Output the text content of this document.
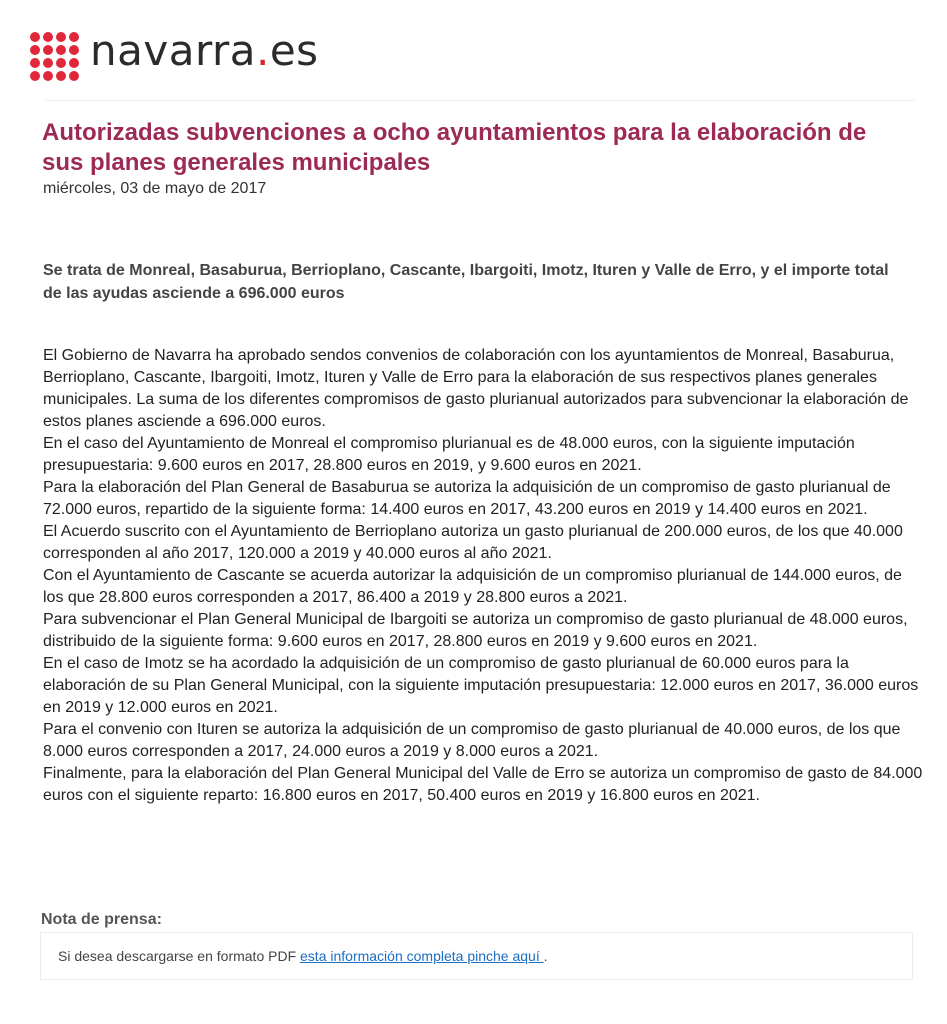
navarra.es
Autorizadas subvenciones a ocho ayuntamientos para la elaboración de sus planes generales municipales
miércoles, 03 de mayo de 2017

Se trata de Monreal, Basaburua, Berrioplano, Cascante, Ibargoiti, Imotz, Ituren y Valle de Erro, y el importe total de las ayudas asciende a 696.000 euros

El Gobierno de Navarra ha aprobado sendos convenios de colaboración con los ayuntamientos de Monreal, Basaburua, Berrioplano, Cascante, Ibargoiti, Imotz, Ituren y Valle de Erro para la elaboración de sus respectivos planes generales municipales. La suma de los diferentes compromisos de gasto plurianual autorizados para subvencionar la elaboración de estos planes asciende a 696.000 euros.

En el caso del Ayuntamiento de Monreal el compromiso plurianual es de 48.000 euros, con la siguiente imputación presupuestaria: 9.600 euros en 2017, 28.800 euros en 2019, y 9.600 euros en 2021.

Para la elaboración del Plan General de Basaburua se autoriza la adquisición de un compromiso de gasto plurianual de 72.000 euros, repartido de la siguiente forma: 14.400 euros en 2017, 43.200 euros en 2019 y 14.400 euros en 2021.

El Acuerdo suscrito con el Ayuntamiento de Berrioplano autoriza un gasto plurianual de 200.000 euros, de los que 40.000 corresponden al año 2017, 120.000 a 2019 y 40.000 euros al año 2021.

Con el Ayuntamiento de Cascante se acuerda autorizar la adquisición de un compromiso plurianual de 144.000 euros, de los que 28.800 euros corresponden a 2017, 86.400 a 2019 y 28.800 euros a 2021.

Para subvencionar el Plan General Municipal de Ibargoiti se autoriza un compromiso de gasto plurianual de 48.000 euros, distribuido de la siguiente forma: 9.600 euros en 2017, 28.800 euros en 2019 y 9.600 euros en 2021.

En el caso de Imotz se ha acordado la adquisición de un compromiso de gasto plurianual de 60.000 euros para la elaboración de su Plan General Municipal, con la siguiente imputación presupuestaria: 12.000 euros en 2017, 36.000 euros en 2019 y 12.000 euros en 2021.

Para el convenio con Ituren se autoriza la adquisición de un compromiso de gasto plurianual de 40.000 euros, de los que 8.000 euros corresponden a 2017, 24.000 euros a 2019 y 8.000 euros a 2021.

Finalmente, para la elaboración del Plan General Municipal del Valle de Erro se autoriza un compromiso de gasto de 84.000 euros con el siguiente reparto: 16.800 euros en 2017, 50.400 euros en 2019 y 16.800 euros en 2021.

Nota de prensa:
Si desea descargarse en formato PDF esta información completa pinche aquí .
